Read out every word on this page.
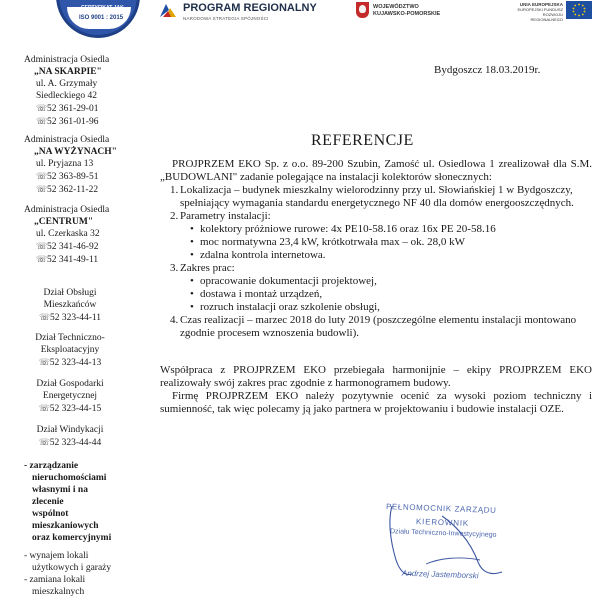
CERTYFIKAT JAK.
ISO 9001 : 2015
PROGRAM REGIONALNY
NARODOWA STRATEGIA SPÓJNOŚCI
WOJEWÓDZTWO
KUJAWSKO-POMORSKIE
UNIA EUROPEJSKA
EUROPEJSKI FUNDUSZ
ROZWOJU REGIONALNEGO
Administracja Osiedla
„NA SKARPIE"
ul. A. Grzymały
Siedleckiego 42
☏52 361-29-01
☏52 361-01-96
Administracja Osiedla
„NA WYŻYNACH"
ul. Pryjazna 13
☏52 363-89-51
☏52 362-11-22
Administracja Osiedla
„CENTRUM"
ul. Czerkaska 32
☏52 341-46-92
☏52 341-49-11
Dział Obsługi
Mieszkańców
☏52 323-44-11
Dział Techniczno-
Eksploatacyjny
☏52 323-44-13
Dział Gospodarki
Energetycznej
☏52 323-44-15
Dział Windykacji
☏52 323-44-44
- zarządzanie
nieruchomościami
własnymi i na
zlecenie
wspólnot
mieszkaniowych
oraz komercyjnymi
- wynajem lokali
użytkowych i garaży
- zamiana lokali
mieszkalnych
Bydgoszcz 18.03.2019r.
REFERENCJE

PROJPRZEM EKO Sp. z o.o. 89-200 Szubin, Zamość ul. Osiedlowa 1 zrealizował dla S.M. „BUDOWLANI" zadanie polegające na instalacji kolektorów słonecznych:

1. Lokalizacja – budynek mieszkalny wielorodzinny przy ul. Słowiańskiej 1 w Bydgoszczy, spełniający wymagania standardu energetycznego NF 40 dla domów energooszczędnych.
2. Parametry instalacji:
• kolektory próżniowe rurowe: 4x PE10-58.16 oraz 16x PE 20-58.16
• moc normatywna 23,4 kW, krótkotrwała max – ok. 28,0 kW
• zdalna kontrola internetowa.
3. Zakres prac:
• opracowanie dokumentacji projektowej,
• dostawa i montaż urządzeń,
• rozruch instalacji oraz szkolenie obsługi,
4. Czas realizacji – marzec 2018 do luty 2019 (poszczególne elementu instalacji montowano zgodnie procesem wznoszenia budowli).

Współpraca z PROJPRZEM EKO przebiegała harmonijnie – ekipy PROJPRZEM EKO realizowały swój zakres prac zgodnie z harmonogramem budowy.

Firmę PROJPRZEM EKO należy pozytywnie ocenić za wysoki poziom techniczny i sumienność, tak więc polecamy ją jako partnera w projektowaniu i budowie instalacji OZE.

PEŁNOMOCNIK ZARZĄDU
KIEROWNIK
Działu Techniczno-Inwestycyjnego
Andrzej Jastemborski
